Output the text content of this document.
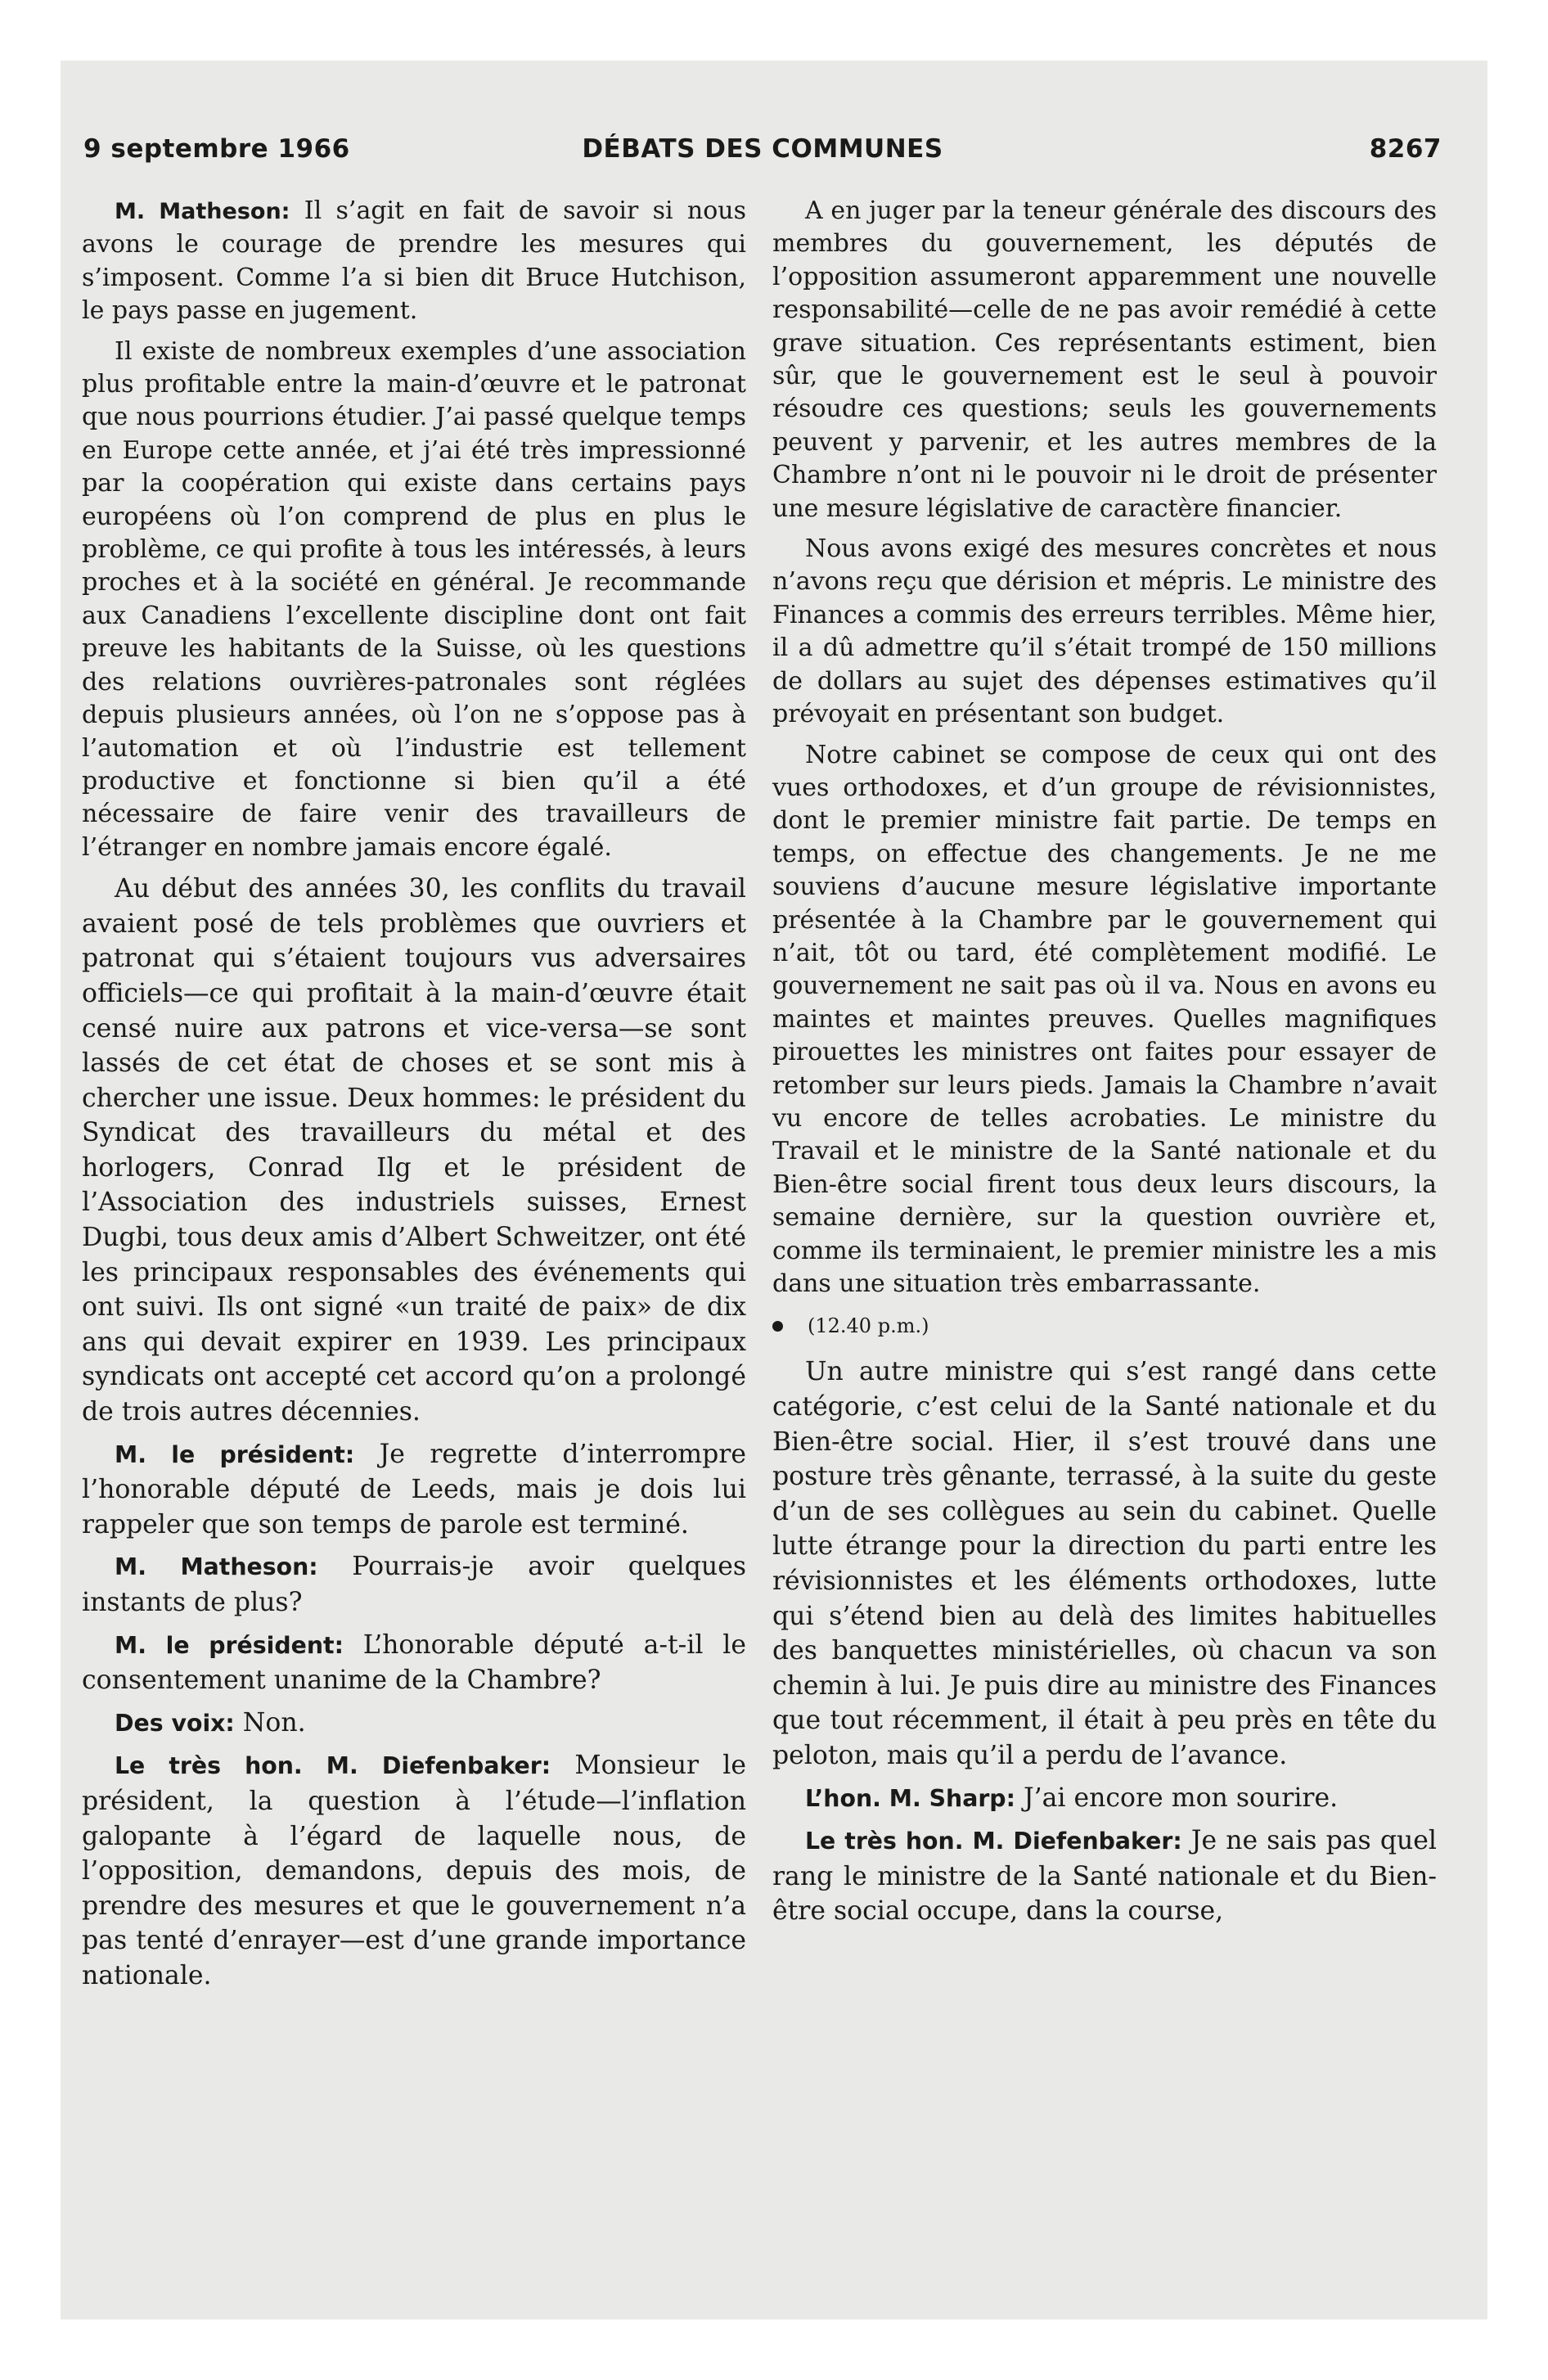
9 septembre 1966	DÉBATS DES COMMUNES	8267

M. Matheson: Il s’agit en fait de savoir si nous avons le courage de prendre les mesures qui s’imposent. Comme l’a si bien dit Bruce Hutchison, le pays passe en jugement.

Il existe de nombreux exemples d’une association plus profitable entre la main-d’œuvre et le patronat que nous pourrions étudier. J’ai passé quelque temps en Europe cette année, et j’ai été très impressionné par la coopération qui existe dans certains pays européens où l’on comprend de plus en plus le problème, ce qui profite à tous les intéressés, à leurs proches et à la société en général. Je recommande aux Canadiens l’excellente discipline dont ont fait preuve les habitants de la Suisse, où les questions des relations ouvrières-patronales sont réglées depuis plusieurs années, où l’on ne s’oppose pas à l’automation et où l’industrie est tellement productive et fonctionne si bien qu’il a été nécessaire de faire venir des travailleurs de l’étranger en nombre jamais encore égalé.

Au début des années 30, les conflits du travail avaient posé de tels problèmes que ouvriers et patronat qui s’étaient toujours vus adversaires officiels—ce qui profitait à la main-d’œuvre était censé nuire aux patrons et vice-versa—se sont lassés de cet état de choses et se sont mis à chercher une issue. Deux hommes: le président du Syndicat des travailleurs du métal et des horlogers, Conrad Ilg et le président de l’Association des industriels suisses, Ernest Dugbi, tous deux amis d’Albert Schweitzer, ont été les principaux responsables des événements qui ont suivi. Ils ont signé «un traité de paix» de dix ans qui devait expirer en 1939. Les principaux syndicats ont accepté cet accord qu’on a prolongé de trois autres décennies.

M. le président: Je regrette d’interrompre l’honorable député de Leeds, mais je dois lui rappeler que son temps de parole est terminé.

M. Matheson: Pourrais-je avoir quelques instants de plus?

M. le président: L’honorable député a-t-il le consentement unanime de la Chambre?

Des voix: Non.

Le très hon. M. Diefenbaker: Monsieur le président, la question à l’étude—l’inflation galopante à l’égard de laquelle nous, de l’opposition, demandons, depuis des mois, de prendre des mesures et que le gouvernement n’a pas tenté d’enrayer—est d’une grande importance nationale.

A en juger par la teneur générale des discours des membres du gouvernement, les députés de l’opposition assumeront apparemment une nouvelle responsabilité—celle de ne pas avoir remédié à cette grave situation. Ces représentants estiment, bien sûr, que le gouvernement est le seul à pouvoir résoudre ces questions; seuls les gouvernements peuvent y parvenir, et les autres membres de la Chambre n’ont ni le pouvoir ni le droit de présenter une mesure législative de caractère financier.

Nous avons exigé des mesures concrètes et nous n’avons reçu que dérision et mépris. Le ministre des Finances a commis des erreurs terribles. Même hier, il a dû admettre qu’il s’était trompé de 150 millions de dollars au sujet des dépenses estimatives qu’il prévoyait en présentant son budget.

Notre cabinet se compose de ceux qui ont des vues orthodoxes, et d’un groupe de révisionnistes, dont le premier ministre fait partie. De temps en temps, on effectue des changements. Je ne me souviens d’aucune mesure législative importante présentée à la Chambre par le gouvernement qui n’ait, tôt ou tard, été complètement modifié. Le gouvernement ne sait pas où il va. Nous en avons eu maintes et maintes preuves. Quelles magnifiques pirouettes les ministres ont faites pour essayer de retomber sur leurs pieds. Jamais la Chambre n’avait vu encore de telles acrobaties. Le ministre du Travail et le ministre de la Santé nationale et du Bien-être social firent tous deux leurs discours, la semaine dernière, sur la question ouvrière et, comme ils terminaient, le premier ministre les a mis dans une situation très embarrassante.

(12.40 p.m.)

Un autre ministre qui s’est rangé dans cette catégorie, c’est celui de la Santé nationale et du Bien-être social. Hier, il s’est trouvé dans une posture très gênante, terrassé, à la suite du geste d’un de ses collègues au sein du cabinet. Quelle lutte étrange pour la direction du parti entre les révisionnistes et les éléments orthodoxes, lutte qui s’étend bien au delà des limites habituelles des banquettes ministérielles, où chacun va son chemin à lui. Je puis dire au ministre des Finances que tout récemment, il était à peu près en tête du peloton, mais qu’il a perdu de l’avance.

L’hon. M. Sharp: J’ai encore mon sourire.

Le très hon. M. Diefenbaker: Je ne sais pas quel rang le ministre de la Santé nationale et du Bien-être social occupe, dans la course,
